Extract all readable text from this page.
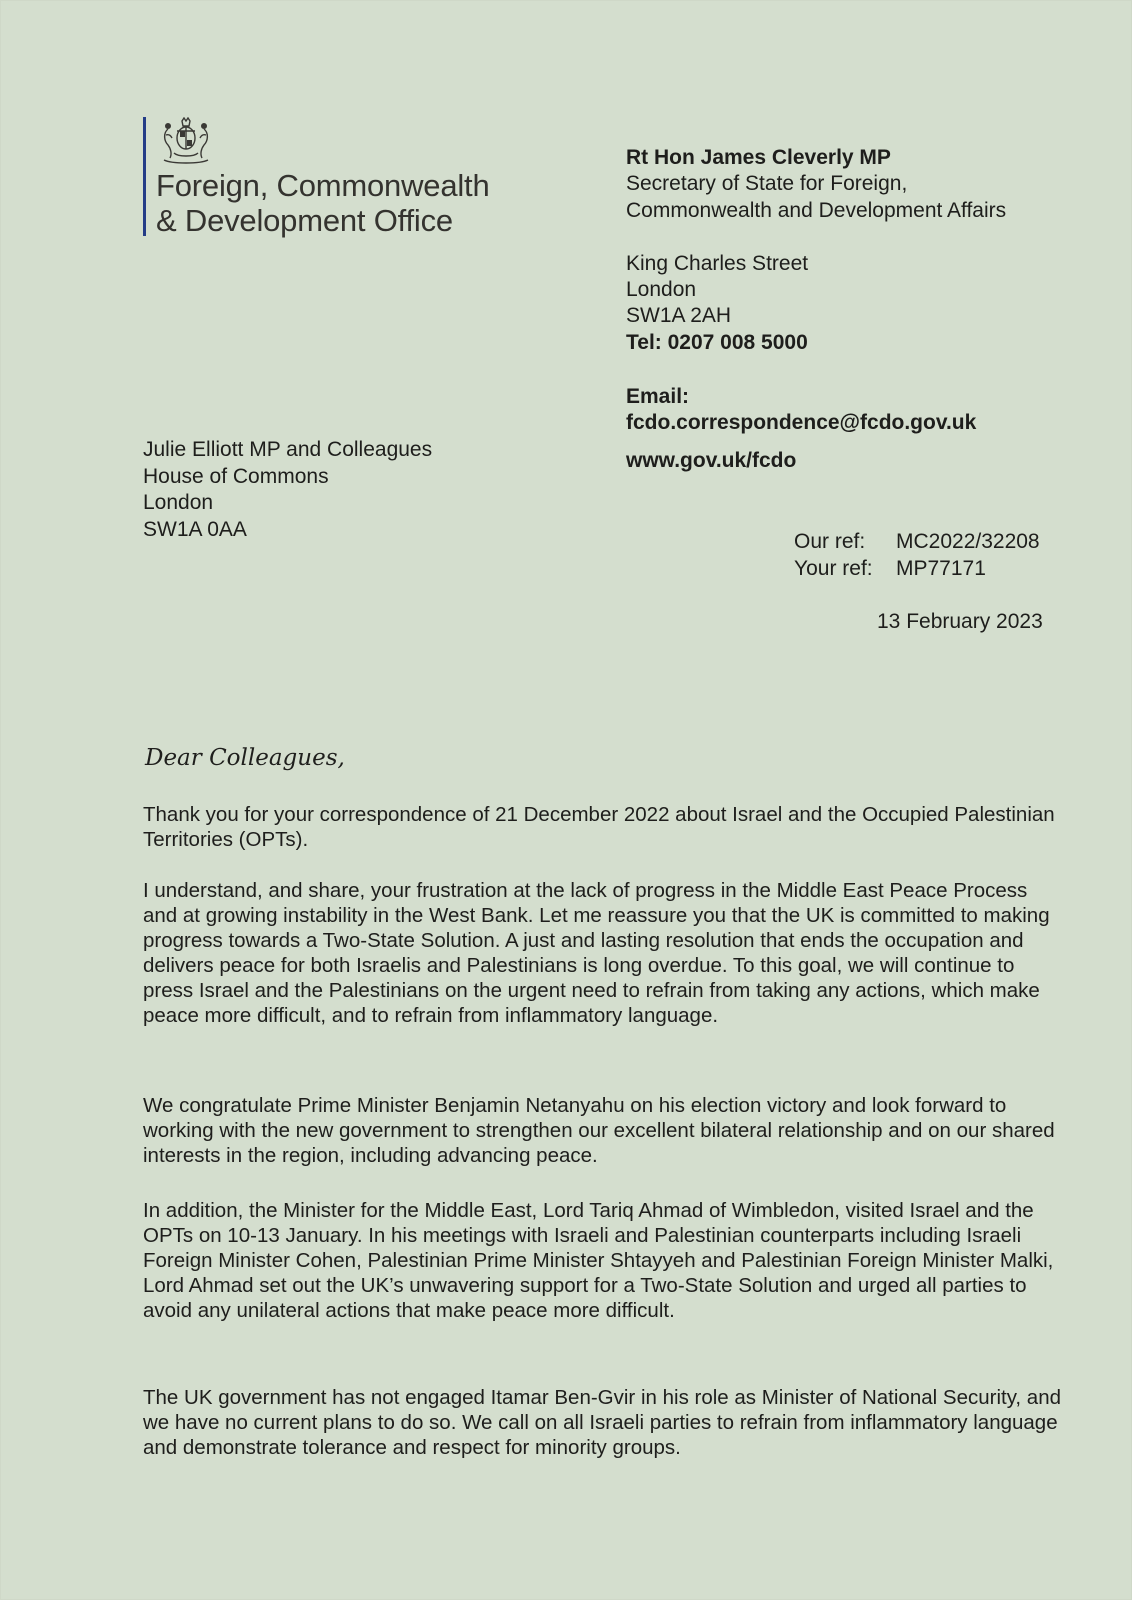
Foreign, Commonwealth
& Development Office
Rt Hon James Cleverly MP
Secretary of State for Foreign,
Commonwealth and Development Affairs
King Charles Street
London
SW1A 2AH
Tel: 0207 008 5000
Email:
fcdo.correspondence@fcdo.gov.uk
www.gov.uk/fcdo
Julie Elliott MP and Colleagues
House of Commons
London
SW1A 0AA
Our ref: MC2022/32208
Your ref: MP77171
13 February 2023
Dear Colleagues,
Thank you for your correspondence of 21 December 2022 about Israel and the Occupied Palestinian Territories (OPTs).
I understand, and share, your frustration at the lack of progress in the Middle East Peace Process and at growing instability in the West Bank. Let me reassure you that the UK is committed to making progress towards a Two-State Solution. A just and lasting resolution that ends the occupation and delivers peace for both Israelis and Palestinians is long overdue. To this goal, we will continue to press Israel and the Palestinians on the urgent need to refrain from taking any actions, which make peace more difficult, and to refrain from inflammatory language.
We congratulate Prime Minister Benjamin Netanyahu on his election victory and look forward to working with the new government to strengthen our excellent bilateral relationship and on our shared interests in the region, including advancing peace.
In addition, the Minister for the Middle East, Lord Tariq Ahmad of Wimbledon, visited Israel and the OPTs on 10-13 January. In his meetings with Israeli and Palestinian counterparts including Israeli Foreign Minister Cohen, Palestinian Prime Minister Shtayyeh and Palestinian Foreign Minister Malki, Lord Ahmad set out the UK’s unwavering support for a Two-State Solution and urged all parties to avoid any unilateral actions that make peace more difficult.
The UK government has not engaged Itamar Ben-Gvir in his role as Minister of National Security, and we have no current plans to do so. We call on all Israeli parties to refrain from inflammatory language and demonstrate tolerance and respect for minority groups.
